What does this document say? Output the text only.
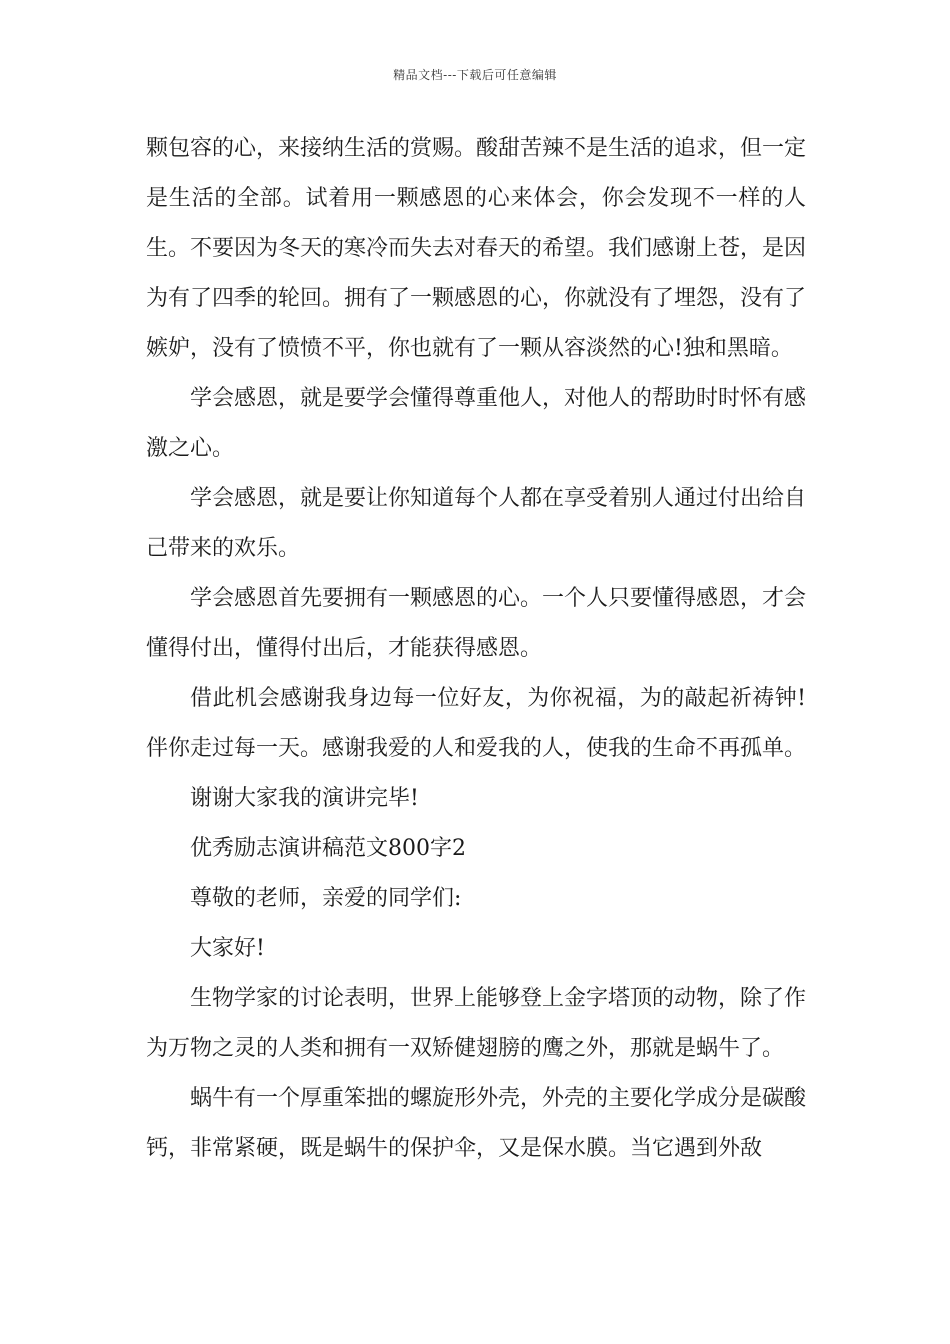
精品文档---下载后可任意编辑

颗包容的心，来接纳生活的赏赐。酸甜苦辣不是生活的追求，但一定是生活的全部。试着用一颗感恩的心来体会，你会发现不一样的人生。不要因为冬天的寒冷而失去对春天的希望。我们感谢上苍，是因为有了四季的轮回。拥有了一颗感恩的心，你就没有了埋怨，没有了嫉妒，没有了愤愤不平，你也就有了一颗从容淡然的心!独和黑暗。

学会感恩，就是要学会懂得尊重他人，对他人的帮助时时怀有感激之心。

学会感恩，就是要让你知道每个人都在享受着别人通过付出给自己带来的欢乐。

学会感恩首先要拥有一颗感恩的心。一个人只要懂得感恩，才会懂得付出，懂得付出后，才能获得感恩。

借此机会感谢我身边每一位好友，为你祝福，为的敲起祈祷钟!伴你走过每一天。感谢我爱的人和爱我的人，使我的生命不再孤单。

谢谢大家我的演讲完毕!

优秀励志演讲稿范文800字2

尊敬的老师，亲爱的同学们:

大家好!

生物学家的讨论表明，世界上能够登上金字塔顶的动物，除了作为万物之灵的人类和拥有一双矫健翅膀的鹰之外，那就是蜗牛了。

蜗牛有一个厚重笨拙的螺旋形外壳，外壳的主要化学成分是碳酸钙，非常紧硬，既是蜗牛的保护伞，又是保水膜。当它遇到外敌
